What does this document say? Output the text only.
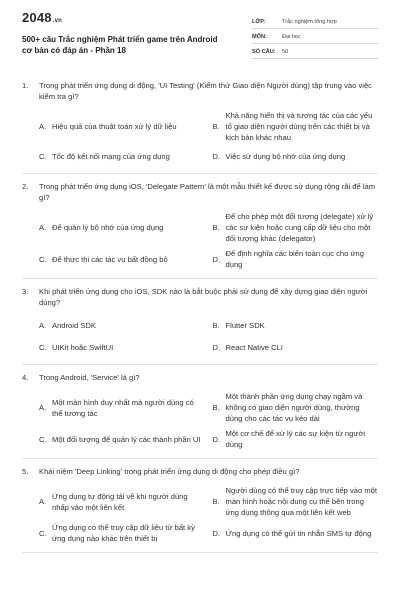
2048.vn
500+ câu Trắc nghiệm Phát triển game trên Android cơ bản có đáp án - Phần 18
LỚP:	Trắc nghiệm tổng hợp
MÔN:	Đại học
SỐ CÂU:	50
1.	Trong phát triển ứng dụng di động, 'UI Testing' (Kiểm thử Giao diện Người dùng) tập trung vào việc kiểm tra gì?
A. Hiệu quả của thuật toán xử lý dữ liệu	B.
Khả năng hiển thị và tương tác của các yếu tố giao diện người dùng trên các thiết bị và kịch bản khác nhau
C. Tốc độ kết nối mạng của ứng dụng	D. Việc sử dụng bộ nhớ của ứng dụng
2.	Trong phát triển ứng dụng iOS, 'Delegate Pattern' là một mẫu thiết kế được sử dụng rộng rãi để làm gì?
A. Để quản lý bộ nhớ của ứng dụng	B.
Để cho phép một đối tượng (delegate) xử lý các sự kiện hoặc cung cấp dữ liệu cho một đối tượng khác (delegator)
C. Để thực thi các tác vụ bất đồng bộ	D.
Để định nghĩa các biến toàn cục cho ứng dụng
3.	Khi phát triển ứng dụng cho iOS, SDK nào là bắt buộc phải sử dụng để xây dựng giao diện người dùng?
A. Android SDK	B. Flutter SDK
C. UIKit hoặc SwiftUI	D. React Native CLI
4.	Trong Android, 'Service' là gì?
A.
Một màn hình duy nhất mà người dùng có thể tương tác
B.
Một thành phần ứng dụng chạy ngầm và không có giao diện người dùng, thường dùng cho các tác vụ kéo dài
C. Một đối tượng để quản lý các thành phần UI	D.
Một cơ chế để xử lý các sự kiện từ người dùng
5.	Khái niệm 'Deep Linking' trong phát triển ứng dụng di động cho phép điều gì?
A.
Ứng dụng tự động tải về khi người dùng nhấp vào một liên kết
B.
Người dùng có thể truy cập trực tiếp vào một màn hình hoặc nội dung cụ thể bên trong ứng dụng thông qua một liên kết web
C.
Ứng dụng có thể truy cập dữ liệu từ bất kỳ ứng dụng nào khác trên thiết bị
D. Ứng dụng có thể gửi tin nhắn SMS tự động
